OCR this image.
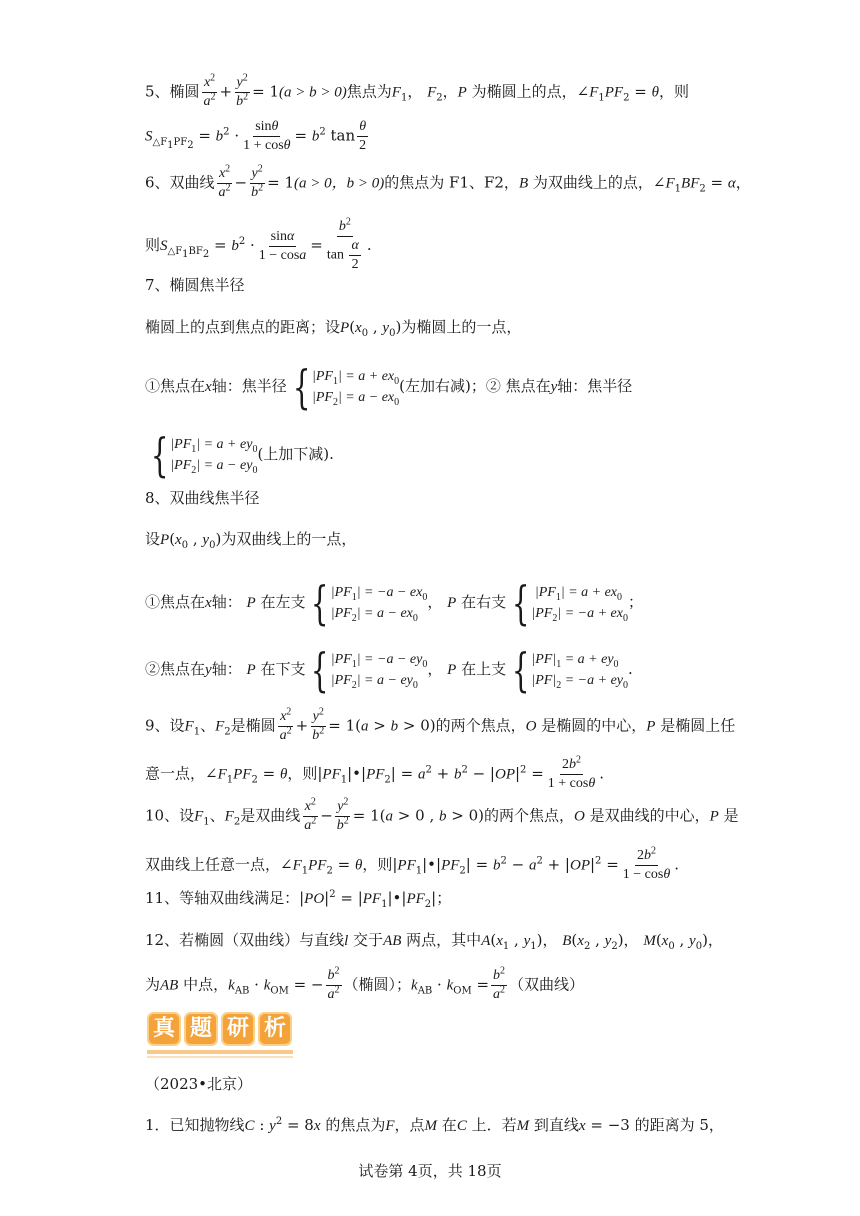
5、椭圆 $\frac{x^2}{a^2} + \frac{y^2}{b^2} = 1(a > b > 0)$焦点为$F_1$， $F_2$，P 为椭圆上的点，$\angle F_1PF_2 = \theta$，则
$S_{\triangle F_1PF_2} = b^2 \cdot \frac{\sin\theta}{1 + \cos\theta} = b^2$ $\tan \frac{\theta}{2}$
6、双曲线 $\frac{x^2}{a^2} - \frac{y^2}{b^2} = 1(a > 0$，b > 0)的焦点为 F1、F2，B 为双曲线上的点，$\angle F_1BF_2 = \alpha$，
则$S_{\triangle F_1BF_2} = b^2 \cdot \frac{\sin\alpha}{1 - \cos a} = \frac{b^2}{\tan \frac{\alpha}{2}}$ .
7、椭圆焦半径
椭圆上的点到焦点的距离；设$P(x_0$ , $y_0$)为椭圆上的一点，
①焦点在x轴：焦半径 { $|PF_1| = a + ex_0$
$|PF_2| = a - ex_0$
(左加右减)；② 焦点在y轴：焦半径
{ $|PF_1| = a + ey_0$
$|PF_2| = a - ey_0$
(上加下减).
8、双曲线焦半径
设$P(x_0$ , $y_0$)为双曲线上的一点，
①焦点在x轴： P 在左支 { $|PF_1| = -a - ex_0$
$|PF_2| = a - ex_0$
， P 在右支 { $|PF_1| = a + ex_0$
$|PF_2| = -a + ex_0$
；
②焦点在y轴： P 在下支 { $|PF_1| = -a - ey_0$
$|PF_2| = a - ey_0$
， P 在上支 { $|PF|_1 = a + ey_0$
$|PF|_2 = -a + ey_0$
.
9、设$F_1$、$F_2$是椭圆 $\frac{x^2}{a^2} + \frac{y^2}{b^2} = 1(a > b > 0)$的两个焦点，O 是椭圆的中心，P 是椭圆上任
意一点，$\angle F_1PF_2 = \theta$，则$|PF_1|•|PF_2| = a^2 + b^2 - |OP|^2 = \frac{2b^2}{1 + \cos\theta}$ .
10、设$F_1$、$F_2$是双曲线 $\frac{x^2}{a^2} - \frac{y^2}{b^2} = 1(a > 0$ , b > 0)的两个焦点，O 是双曲线的中心，P 是
双曲线上任意一点，$\angle F_1PF_2 = \theta$，则$|PF_1|•|PF_2| = b^2 - a^2 + |OP|^2 = \frac{2b^2}{1 - \cos\theta}$ .
11、等轴双曲线满足：$|PO|^2$ = $|PF_1|•|PF_2|$；
12、若椭圆（双曲线）与直线l 交于AB 两点，其中$A(x_1$ , $y_1$)， $B(x_2$ , $y_2$)， $M(x_0$ , $y_0$)，
为AB 中点，$k_{AB} \cdot k_{OM}$ = − $\frac{b^2}{a^2}$ （椭圆）；$k_{AB} \cdot k_{OM} = \frac{b^2}{a^2}$ （双曲线）
真 题 研 析
（2023•北京）
1．已知抛物线C : $y^2 = 8x$ 的焦点为F，点M 在C 上．若M 到直线x = −3 的距离为 5，
试卷第 4页，共 18页
